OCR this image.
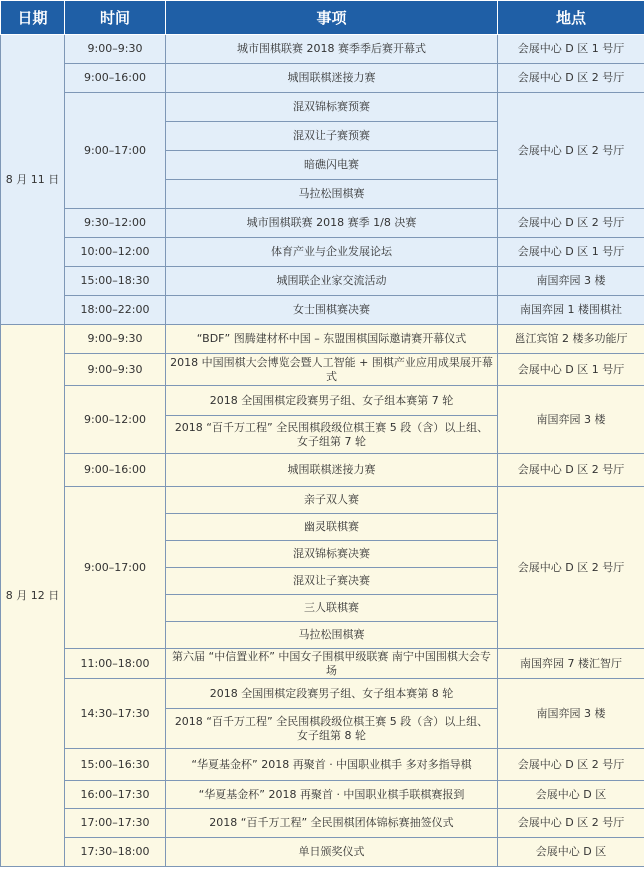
日期	时间	事项	地点
8 月 11 日	9:00–9:30	城市围棋联赛 2018 赛季季后赛开幕式	会展中心 D 区 1 号厅
	9:00–16:00	城围联棋迷接力赛	会展中心 D 区 2 号厅
	9:00–17:00	混双锦标赛预赛	会展中心 D 区 2 号厅
		混双让子赛预赛	
		暗礁闪电赛	
		马拉松围棋赛	
	9:30–12:00	城市围棋联赛 2018 赛季 1/8 决赛	会展中心 D 区 2 号厅
	10:00–12:00	体育产业与企业发展论坛	会展中心 D 区 1 号厅
	15:00–18:30	城围联企业家交流活动	南国弈园 3 楼
	18:00–22:00	女士围棋赛决赛	南国弈园 1 楼围棋社
8 月 12 日	9:00–9:30	“BDF” 图腾建材杯中国 – 东盟围棋国际邀请赛开幕仪式	邕江宾馆 2 楼多功能厅
	9:00–9:30	2018 中国围棋大会博览会暨人工智能 + 围棋产业应用成果展开幕式	会展中心 D 区 1 号厅
	9:00–12:00	2018 全国围棋定段赛男子组、女子组本赛第 7 轮	南国弈园 3 楼
		2018 “百千万工程” 全民围棋段级位棋王赛 5 段（含）以上组、女子组第 7 轮	
	9:00–16:00	城围联棋迷接力赛	会展中心 D 区 2 号厅
	9:00–17:00	亲子双人赛	会展中心 D 区 2 号厅
		幽灵联棋赛	
		混双锦标赛决赛	
		混双让子赛决赛	
		三人联棋赛	
		马拉松围棋赛	
	11:00–18:00	第六届 “中信置业杯” 中国女子围棋甲级联赛 南宁中国围棋大会专场	南国弈园 7 楼汇智厅
	14:30–17:30	2018 全国围棋定段赛男子组、女子组本赛第 8 轮	南国弈园 3 楼
		2018 “百千万工程” 全民围棋段级位棋王赛 5 段（含）以上组、女子组第 8 轮	
	15:00–16:30	“华夏基金杯” 2018 再聚首 · 中国职业棋手 多对多指导棋	会展中心 D 区 2 号厅
	16:00–17:30	“华夏基金杯” 2018 再聚首 · 中国职业棋手联棋赛报到	会展中心 D 区
	17:00–17:30	2018 “百千万工程” 全民围棋团体锦标赛抽签仪式	会展中心 D 区 2 号厅
	17:30–18:00	单日颁奖仪式	会展中心 D 区
